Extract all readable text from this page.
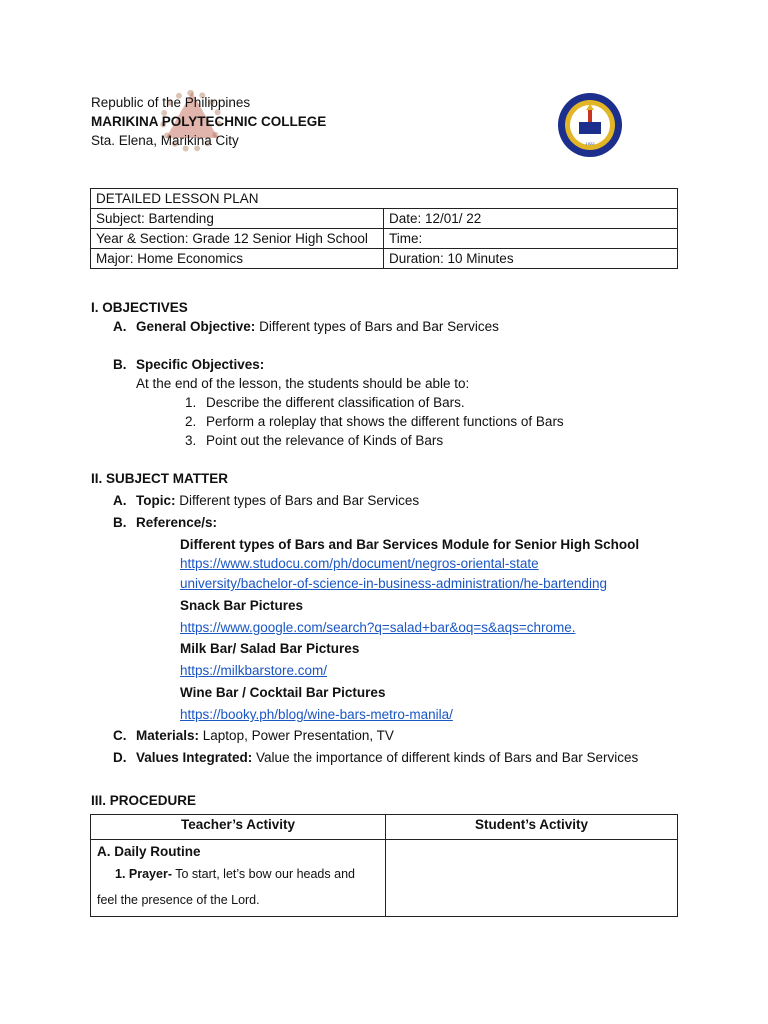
Republic of the Philippines
MARIKINA POLYTECHNIC COLLEGE
Sta. Elena, Marikina City	1922
DETAILED LESSON PLAN	
Subject: Bartending	Date: 12/01/ 22
Year & Section: Grade 12 Senior High School	Time:
Major: Home Economics	Duration: 10 Minutes
I. OBJECTIVES
A. General Objective: Different types of Bars and Bar Services
B. Specific Objectives:
At the end of the lesson, the students should be able to:
1. Describe the different classification of Bars.
2. Perform a roleplay that shows the different functions of Bars
3. Point out the relevance of Kinds of Bars
II. SUBJECT MATTER
A. Topic: Different types of Bars and Bar Services
B. Reference/s:
Different types of Bars and Bar Services Module for Senior High School
https://www.studocu.com/ph/document/negros-oriental-state
university/bachelor-of-science-in-business-administration/he-bartending
Snack Bar Pictures
https://www.google.com/search?q=salad+bar&oq=s&aqs=chrome.
Milk Bar/ Salad Bar Pictures
https://milkbarstore.com/
Wine Bar / Cocktail Bar Pictures
https://booky.ph/blog/wine-bars-metro-manila/
C. Materials: Laptop, Power Presentation, TV
D. Values Integrated: Value the importance of different kinds of Bars and Bar Services
III. PROCEDURE
Teacher’s Activity	Student’s Activity

A. Daily Routine
1. Prayer- To start, let’s bow our heads and
feel the presence of the Lord.	
